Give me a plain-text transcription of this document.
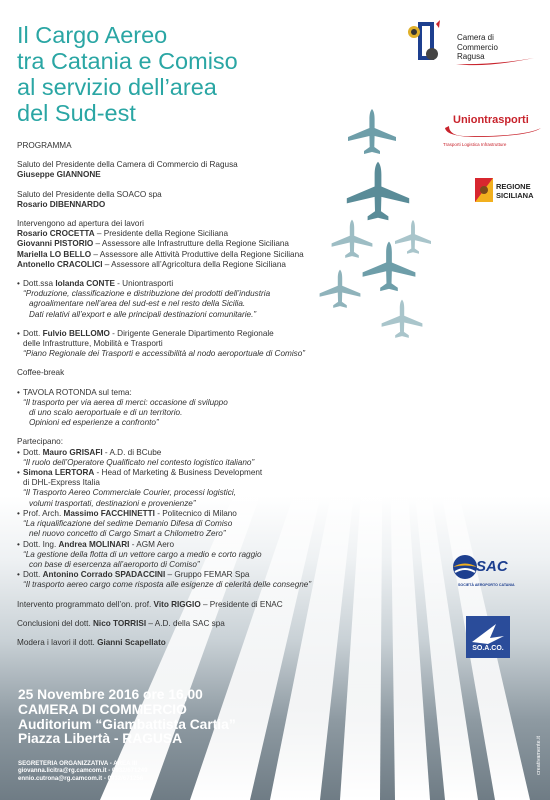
Il Cargo Aereo
tra Catania e Comiso
al servizio dell’area
del Sud-est

PROGRAMMA

Saluto del Presidente della Camera di Commercio di Ragusa

Giuseppe GIANNONE

Saluto del Presidente della SOACO spa

Rosario DIBENNARDO

Intervengono ad apertura dei lavori

Rosario CROCETTA – Presidente della Regione Siciliana

Giovanni PISTORIO – Assessore alle Infrastrutture della Regione Siciliana

Mariella LO BELLO – Assessore alle Attività Produttive della Regione Siciliana

Antonello CRACOLICI – Assessore all’Agricoltura della Regione Siciliana

• Dott.ssa Iolanda CONTE - Uniontrasporti

“Produzione, classificazione e distribuzione dei prodotti dell’industria

agroalimentare nell’area del sud-est e nel resto della Sicilia.

Dati relativi all’export e alle principali destinazioni comunitarie.”

• Dott. Fulvio BELLOMO - Dirigente Generale Dipartimento Regionale

delle Infrastrutture, Mobilità e Trasporti

“Piano Regionale dei Trasporti e accessibilità al nodo aeroportuale di Comiso”

Coffee-break

• TAVOLA ROTONDA sul tema:

“Il trasporto per via aerea di merci: occasione di sviluppo

di uno scalo aeroportuale e di un territorio.

Opinioni ed esperienze a confronto”

Partecipano:

• Dott. Mauro GRISAFI - A.D. di BCube

“Il ruolo dell’Operatore Qualificato nel contesto logistico italiano”

• Simona LERTORA - Head of Marketing & Business Development

di DHL-Express Italia

“Il Trasporto Aereo Commerciale Courier, processi logistici,

volumi trasportati, destinazioni e provenienze”

• Prof. Arch. Massimo FACCHINETTI - Politecnico di Milano

“La riqualificazione del sedime Demanio Difesa di Comiso

nel nuovo concetto di Cargo Smart a Chilometro Zero”

• Dott. Ing. Andrea MOLINARI - AGM Aero

“La gestione della flotta di un vettore cargo a medio e corto raggio

con base di esercenza all’aeroporto di Comiso”

• Dott. Antonino Corrado SPADACCINI – Gruppo FEMAR Spa

“Il trasporto aereo cargo come risposta alle esigenze di celerità delle consegne”

Intervento programmato dell’on. prof. Vito RIGGIO – Presidente di ENAC

Conclusioni del dott. Nico TORRISI – A.D. della SAC spa

Modera i lavori il dott. Gianni Scapellato

25 Novembre 2016 ore 16,00
CAMERA DI COMMERCIO
Auditorium “Giambattista Cartia”
Piazza Libertà - RAGUSA
SEGRETERIA ORGANIZZATIVA - AREA III
giovanna.licitra@rg.camcom.it - 0932/671249
ennio.cutrona@rg.camcom.it - 0932/671256
creativamente.it
Camera di Commercio
Ragusa
Uniontrasporti
Trasporti Logistica Infrastrutture
REGIONE
SICILIANA
SAC
SOCIETÀ AEROPORTO CATANIA
SO.A.CO.
